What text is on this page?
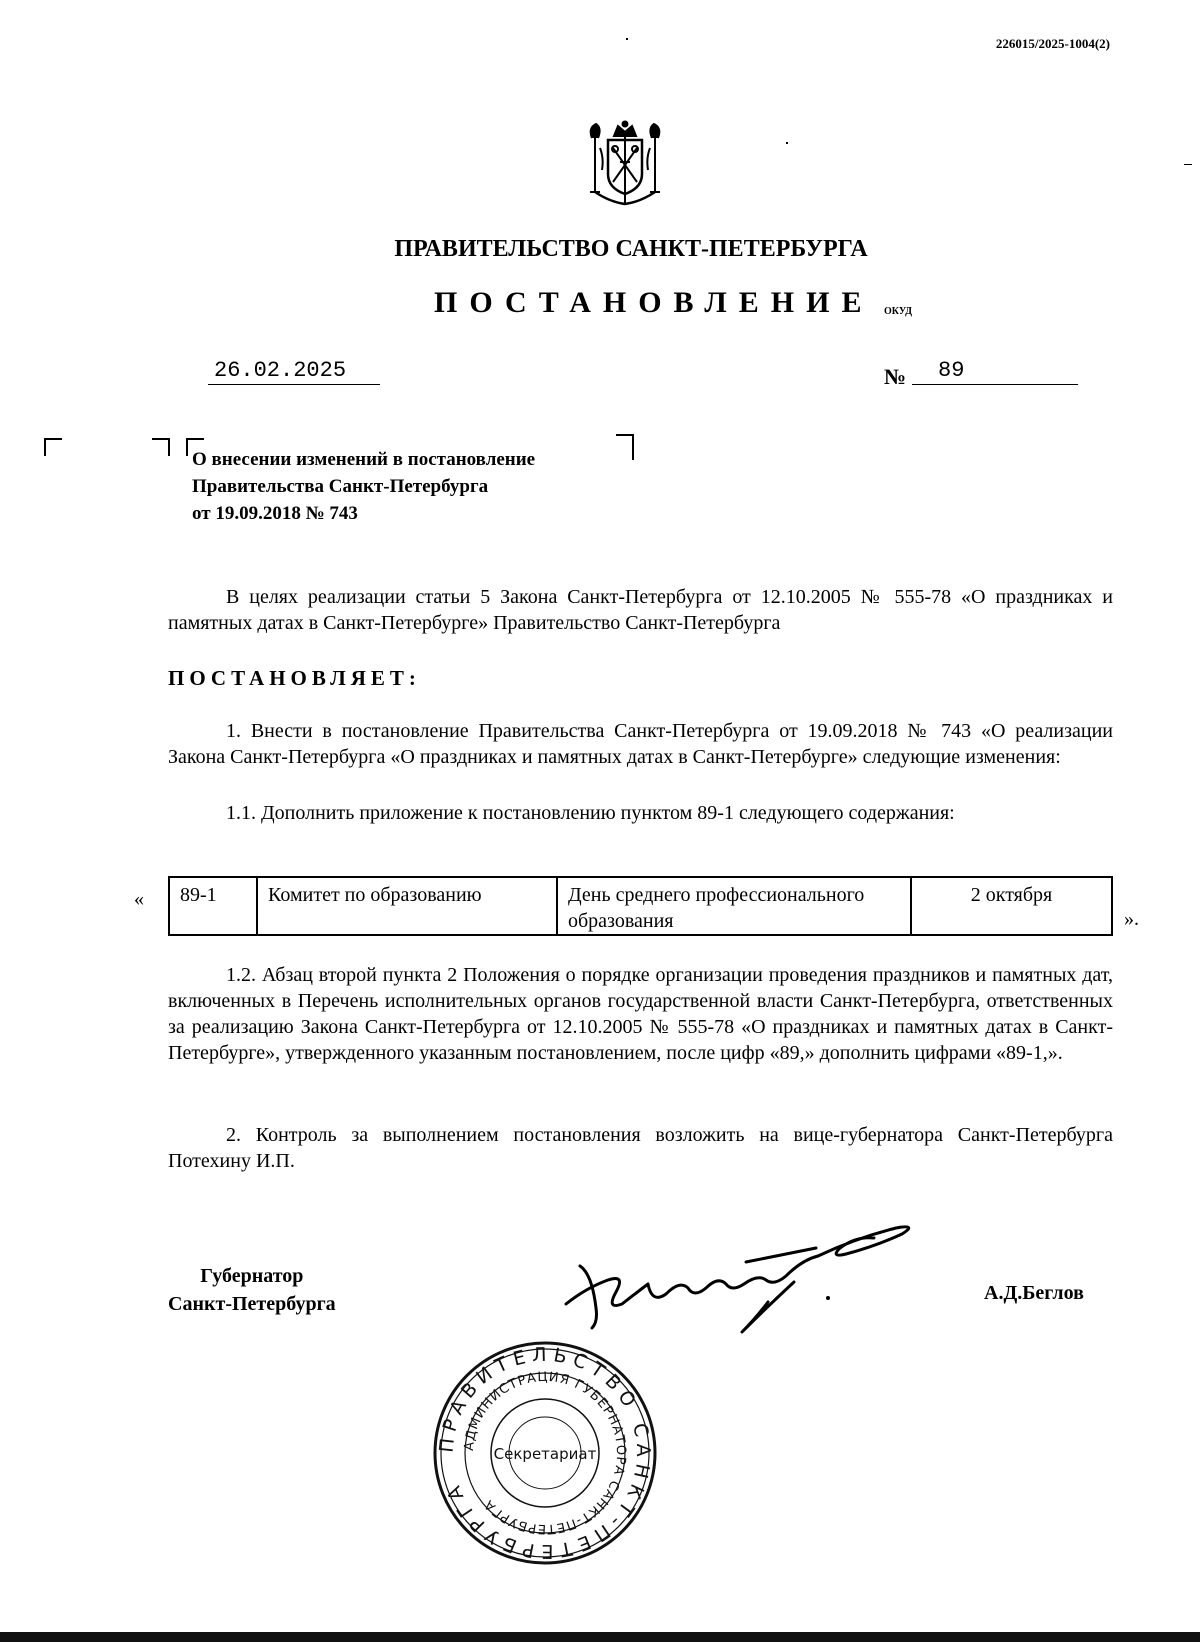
226015/2025-1004(2)
ПРАВИТЕЛЬСТВО САНКТ-ПЕТЕРБУРГА
ПОСТАНОВЛЕНИЕ ОКУД
26.02.2025	№	89
О внесении изменений в постановление
Правительства Санкт-Петербурга
от 19.09.2018 № 743
В целях реализации статьи 5 Закона Санкт-Петербурга от 12.10.2005 № 555-78 «О праздниках и памятных датах в Санкт-Петербурге» Правительство Санкт-Петербурга
ПОСТАНОВЛЯЕТ:
1. Внести в постановление Правительства Санкт-Петербурга от 19.09.2018 № 743 «О реализации Закона Санкт-Петербурга «О праздниках и памятных датах в Санкт-Петербурге» следующие изменения:
1.1. Дополнить приложение к постановлению пунктом 89-1 следующего содержания:
« 89-1	Комитет по образованию	День среднего профессионального образования	2 октября
».
1.2. Абзац второй пункта 2 Положения о порядке организации проведения праздников и памятных дат, включенных в Перечень исполнительных органов государственной власти Санкт-Петербурга, ответственных за реализацию Закона Санкт-Петербурга от 12.10.2005 № 555-78 «О праздниках и памятных датах в Санкт-Петербурге», утвержденного указанным постановлением, после цифр «89,» дополнить цифрами «89-1,».
2. Контроль за выполнением постановления возложить на вице-губернатора Санкт-Петербурга Потехину И.П.
Губернатор
Санкт-Петербурга	А.Д.Беглов
ПРАВИТЕЛЬСТВО САНКТ-ПЕТЕРБУРГА
АДМИНИСТРАЦИЯ ГУБЕРНАТОРА САНКТ-ПЕТЕРБУРГА
Секретариат
